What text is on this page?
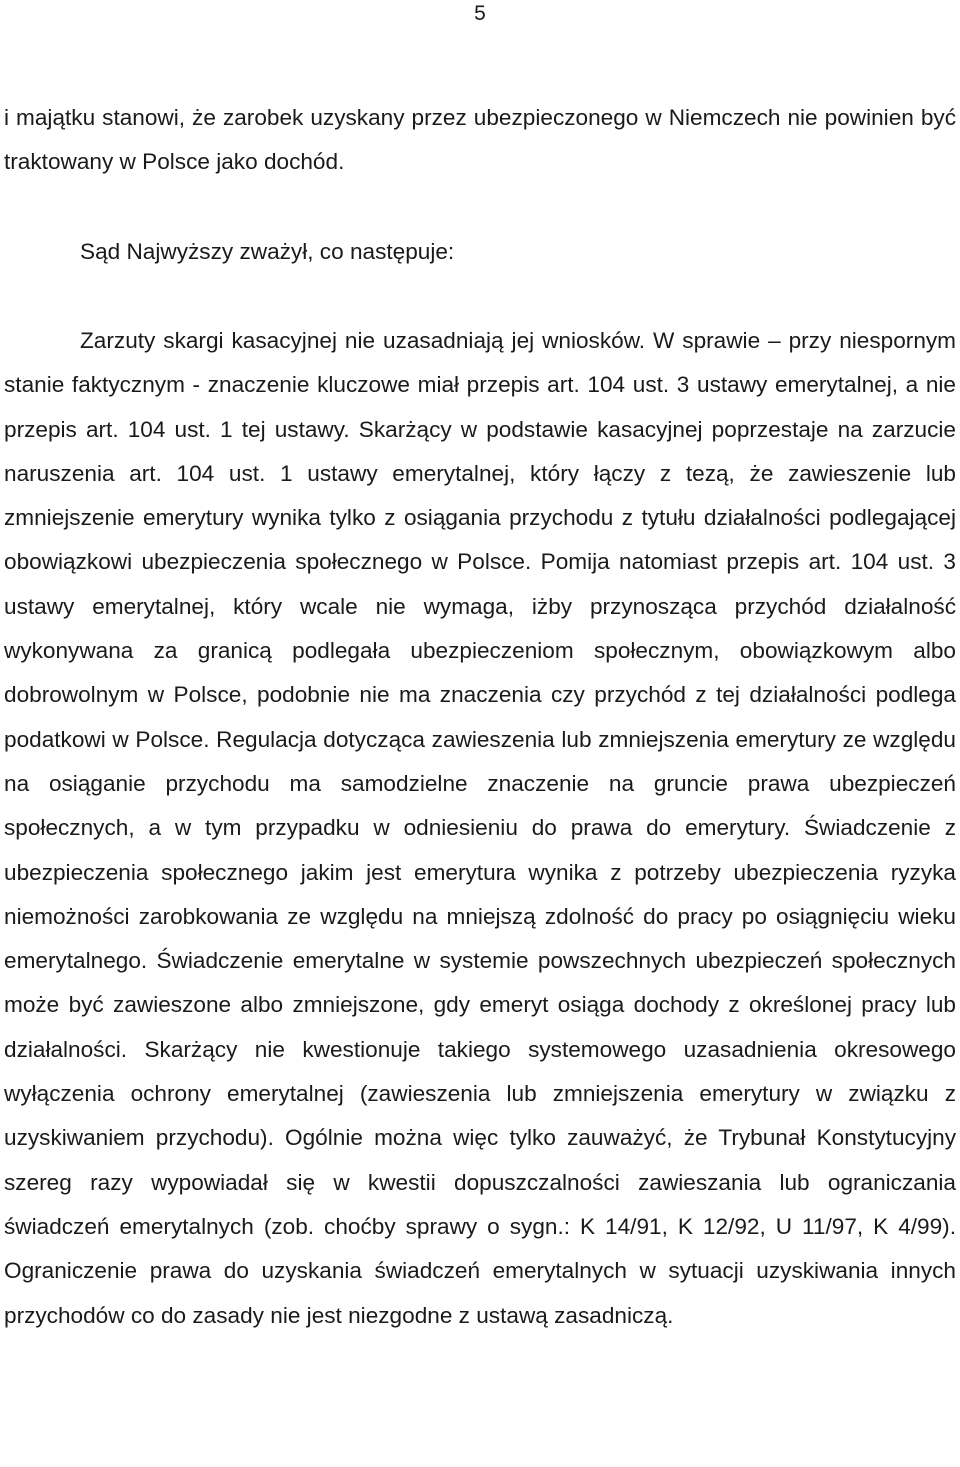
5

i majątku stanowi, że zarobek uzyskany przez ubezpieczonego w Niemczech nie powinien być traktowany w Polsce jako dochód.

Sąd Najwyższy zważył, co następuje:

Zarzuty skargi kasacyjnej nie uzasadniają jej wniosków. W sprawie – przy niespornym stanie faktycznym - znaczenie kluczowe miał przepis art. 104 ust. 3 ustawy emerytalnej, a nie przepis art. 104 ust. 1 tej ustawy. Skarżący w podstawie kasacyjnej poprzestaje na zarzucie naruszenia art. 104 ust. 1 ustawy emerytalnej, który łączy z tezą, że zawieszenie lub zmniejszenie emerytury wynika tylko z osiągania przychodu z tytułu działalności podlegającej obowiązkowi ubezpieczenia społecznego w Polsce. Pomija natomiast przepis art. 104 ust. 3 ustawy emerytalnej, który wcale nie wymaga, iżby przynosząca przychód działalność wykonywana za granicą podlegała ubezpieczeniom społecznym, obowiązkowym albo dobrowolnym w Polsce, podobnie nie ma znaczenia czy przychód z tej działalności podlega podatkowi w Polsce. Regulacja dotycząca zawieszenia lub zmniejszenia emerytury ze względu na osiąganie przychodu ma samodzielne znaczenie na gruncie prawa ubezpieczeń społecznych, a w tym przypadku w odniesieniu do prawa do emerytury. Świadczenie z ubezpieczenia społecznego jakim jest emerytura wynika z potrzeby ubezpieczenia ryzyka niemożności zarobkowania ze względu na mniejszą zdolność do pracy po osiągnięciu wieku emerytalnego. Świadczenie emerytalne w systemie powszechnych ubezpieczeń społecznych może być zawieszone albo zmniejszone, gdy emeryt osiąga dochody z określonej pracy lub działalności. Skarżący nie kwestionuje takiego systemowego uzasadnienia okresowego wyłączenia ochrony emerytalnej (zawieszenia lub zmniejszenia emerytury w związku z uzyskiwaniem przychodu). Ogólnie można więc tylko zauważyć, że Trybunał Konstytucyjny szereg razy wypowiadał się w kwestii dopuszczalności zawieszania lub ograniczania świadczeń emerytalnych (zob. choćby sprawy o sygn.: K 14/91, K 12/92, U 11/97, K 4/99). Ograniczenie prawa do uzyskania świadczeń emerytalnych w sytuacji uzyskiwania innych przychodów co do zasady nie jest niezgodne z ustawą zasadniczą.
